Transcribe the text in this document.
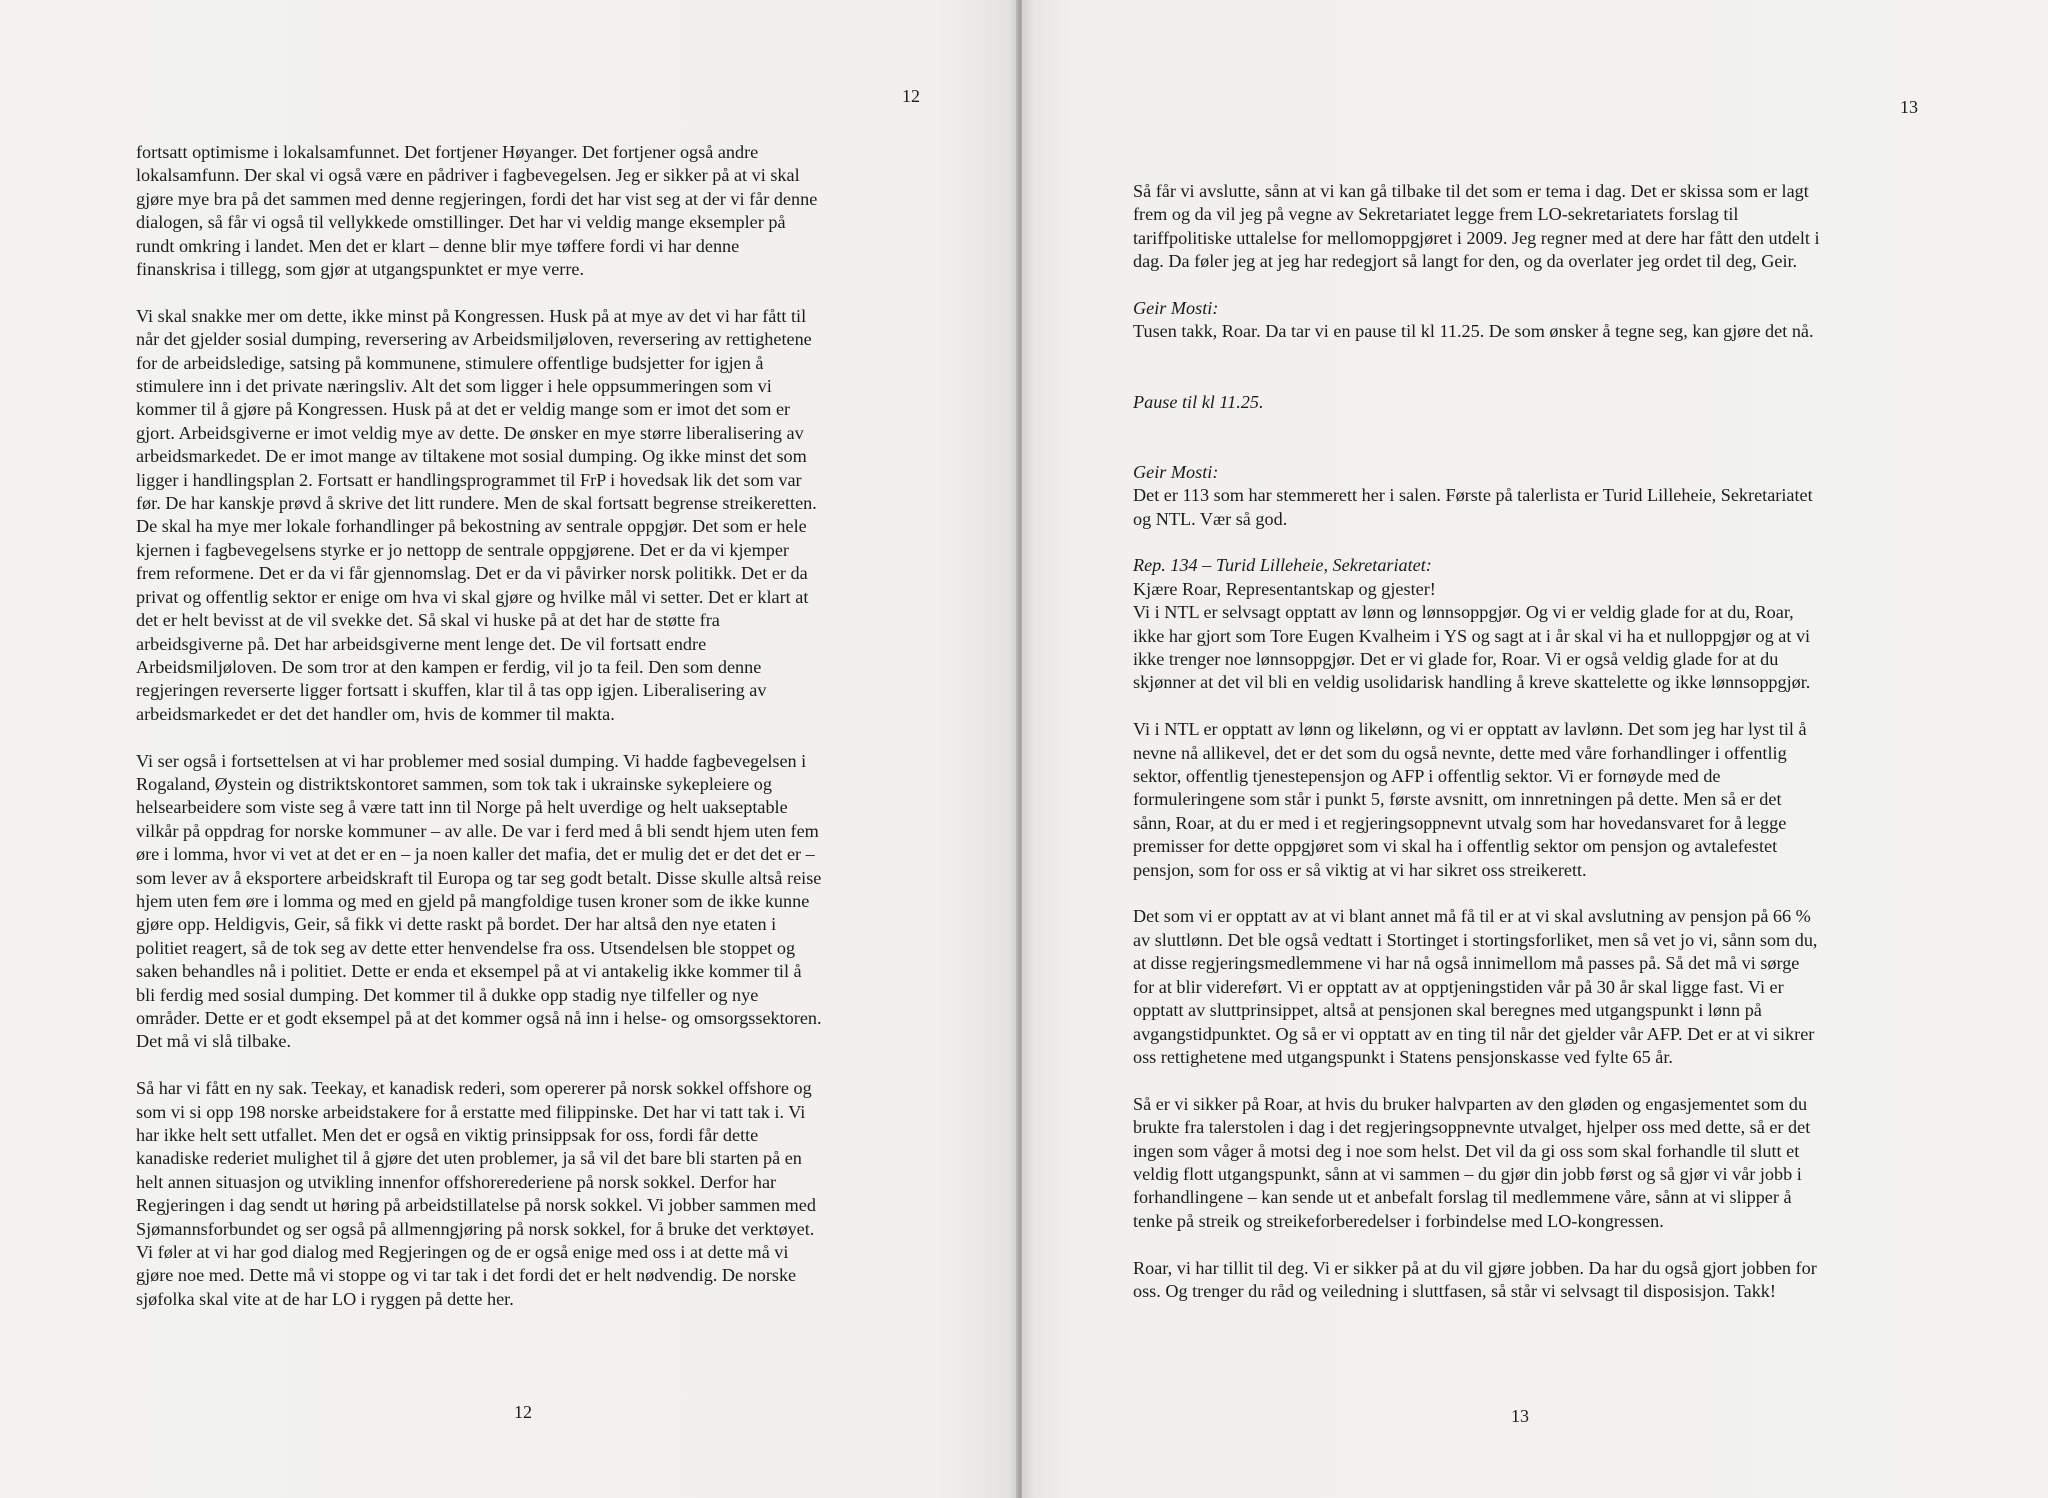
12

fortsatt optimisme i lokalsamfunnet. Det fortjener Høyanger. Det fortjener også andre
lokalsamfunn. Der skal vi også være en pådriver i fagbevegelsen. Jeg er sikker på at vi skal
gjøre mye bra på det sammen med denne regjeringen, fordi det har vist seg at der vi får denne
dialogen, så får vi også til vellykkede omstillinger. Det har vi veldig mange eksempler på
rundt omkring i landet. Men det er klart – denne blir mye tøffere fordi vi har denne
finanskrisa i tillegg, som gjør at utgangspunktet er mye verre.

Vi skal snakke mer om dette, ikke minst på Kongressen. Husk på at mye av det vi har fått til
når det gjelder sosial dumping, reversering av Arbeidsmiljøloven, reversering av rettighetene
for de arbeidsledige, satsing på kommunene, stimulere offentlige budsjetter for igjen å
stimulere inn i det private næringsliv. Alt det som ligger i hele oppsummeringen som vi
kommer til å gjøre på Kongressen. Husk på at det er veldig mange som er imot det som er
gjort. Arbeidsgiverne er imot veldig mye av dette. De ønsker en mye større liberalisering av
arbeidsmarkedet. De er imot mange av tiltakene mot sosial dumping. Og ikke minst det som
ligger i handlingsplan 2. Fortsatt er handlingsprogrammet til FrP i hovedsak lik det som var
før. De har kanskje prøvd å skrive det litt rundere. Men de skal fortsatt begrense streikeretten.
De skal ha mye mer lokale forhandlinger på bekostning av sentrale oppgjør. Det som er hele
kjernen i fagbevegelsens styrke er jo nettopp de sentrale oppgjørene. Det er da vi kjemper
frem reformene. Det er da vi får gjennomslag. Det er da vi påvirker norsk politikk. Det er da
privat og offentlig sektor er enige om hva vi skal gjøre og hvilke mål vi setter. Det er klart at
det er helt bevisst at de vil svekke det. Så skal vi huske på at det har de støtte fra
arbeidsgiverne på. Det har arbeidsgiverne ment lenge det. De vil fortsatt endre
Arbeidsmiljøloven. De som tror at den kampen er ferdig, vil jo ta feil. Den som denne
regjeringen reverserte ligger fortsatt i skuffen, klar til å tas opp igjen. Liberalisering av
arbeidsmarkedet er det det handler om, hvis de kommer til makta.

Vi ser også i fortsettelsen at vi har problemer med sosial dumping. Vi hadde fagbevegelsen i
Rogaland, Øystein og distriktskontoret sammen, som tok tak i ukrainske sykepleiere og
helsearbeidere som viste seg å være tatt inn til Norge på helt uverdige og helt uakseptable
vilkår på oppdrag for norske kommuner – av alle. De var i ferd med å bli sendt hjem uten fem
øre i lomma, hvor vi vet at det er en – ja noen kaller det mafia, det er mulig det er det det er –
som lever av å eksportere arbeidskraft til Europa og tar seg godt betalt. Disse skulle altså reise
hjem uten fem øre i lomma og med en gjeld på mangfoldige tusen kroner som de ikke kunne
gjøre opp. Heldigvis, Geir, så fikk vi dette raskt på bordet. Der har altså den nye etaten i
politiet reagert, så de tok seg av dette etter henvendelse fra oss. Utsendelsen ble stoppet og
saken behandles nå i politiet. Dette er enda et eksempel på at vi antakelig ikke kommer til å
bli ferdig med sosial dumping. Det kommer til å dukke opp stadig nye tilfeller og nye
områder. Dette er et godt eksempel på at det kommer også nå inn i helse- og omsorgssektoren.
Det må vi slå tilbake.

Så har vi fått en ny sak. Teekay, et kanadisk rederi, som opererer på norsk sokkel offshore og
som vi si opp 198 norske arbeidstakere for å erstatte med filippinske. Det har vi tatt tak i. Vi
har ikke helt sett utfallet. Men det er også en viktig prinsippsak for oss, fordi får dette
kanadiske rederiet mulighet til å gjøre det uten problemer, ja så vil det bare bli starten på en
helt annen situasjon og utvikling innenfor offshorerederiene på norsk sokkel. Derfor har
Regjeringen i dag sendt ut høring på arbeidstillatelse på norsk sokkel. Vi jobber sammen med
Sjømannsforbundet og ser også på allmenngjøring på norsk sokkel, for å bruke det verktøyet.
Vi føler at vi har god dialog med Regjeringen og de er også enige med oss i at dette må vi
gjøre noe med. Dette må vi stoppe og vi tar tak i det fordi det er helt nødvendig. De norske
sjøfolka skal vite at de har LO i ryggen på dette her.

12
13

Så får vi avslutte, sånn at vi kan gå tilbake til det som er tema i dag. Det er skissa som er lagt
frem og da vil jeg på vegne av Sekretariatet legge frem LO-sekretariatets forslag til
tariffpolitiske uttalelse for mellomoppgjøret i 2009. Jeg regner med at dere har fått den utdelt i
dag. Da føler jeg at jeg har redegjort så langt for den, og da overlater jeg ordet til deg, Geir.

Geir Mosti:
Tusen takk, Roar. Da tar vi en pause til kl 11.25. De som ønsker å tegne seg, kan gjøre det nå.

Pause til kl 11.25.

Geir Mosti:
Det er 113 som har stemmerett her i salen. Første på talerlista er Turid Lilleheie, Sekretariatet
og NTL. Vær så god.

Rep. 134 – Turid Lilleheie, Sekretariatet:
Kjære Roar, Representantskap og gjester!
Vi i NTL er selvsagt opptatt av lønn og lønnsoppgjør. Og vi er veldig glade for at du, Roar,
ikke har gjort som Tore Eugen Kvalheim i YS og sagt at i år skal vi ha et nulloppgjør og at vi
ikke trenger noe lønnsoppgjør. Det er vi glade for, Roar. Vi er også veldig glade for at du
skjønner at det vil bli en veldig usolidarisk handling å kreve skattelette og ikke lønnsoppgjør.

Vi i NTL er opptatt av lønn og likelønn, og vi er opptatt av lavlønn. Det som jeg har lyst til å
nevne nå allikevel, det er det som du også nevnte, dette med våre forhandlinger i offentlig
sektor, offentlig tjenestepensjon og AFP i offentlig sektor. Vi er fornøyde med de
formuleringene som står i punkt 5, første avsnitt, om innretningen på dette. Men så er det
sånn, Roar, at du er med i et regjeringsoppnevnt utvalg som har hovedansvaret for å legge
premisser for dette oppgjøret som vi skal ha i offentlig sektor om pensjon og avtalefestet
pensjon, som for oss er så viktig at vi har sikret oss streikerett.

Det som vi er opptatt av at vi blant annet må få til er at vi skal avslutning av pensjon på 66 %
av sluttlønn. Det ble også vedtatt i Stortinget i stortingsforliket, men så vet jo vi, sånn som du,
at disse regjeringsmedlemmene vi har nå også innimellom må passes på. Så det må vi sørge
for at blir videreført. Vi er opptatt av at opptjeningstiden vår på 30 år skal ligge fast. Vi er
opptatt av sluttprinsippet, altså at pensjonen skal beregnes med utgangspunkt i lønn på
avgangstidpunktet. Og så er vi opptatt av en ting til når det gjelder vår AFP. Det er at vi sikrer
oss rettighetene med utgangspunkt i Statens pensjonskasse ved fylte 65 år.

Så er vi sikker på Roar, at hvis du bruker halvparten av den gløden og engasjementet som du
brukte fra talerstolen i dag i det regjeringsoppnevnte utvalget, hjelper oss med dette, så er det
ingen som våger å motsi deg i noe som helst. Det vil da gi oss som skal forhandle til slutt et
veldig flott utgangspunkt, sånn at vi sammen – du gjør din jobb først og så gjør vi vår jobb i
forhandlingene – kan sende ut et anbefalt forslag til medlemmene våre, sånn at vi slipper å
tenke på streik og streikeforberedelser i forbindelse med LO-kongressen.

Roar, vi har tillit til deg. Vi er sikker på at du vil gjøre jobben. Da har du også gjort jobben for
oss. Og trenger du råd og veiledning i sluttfasen, så står vi selvsagt til disposisjon. Takk!

13
